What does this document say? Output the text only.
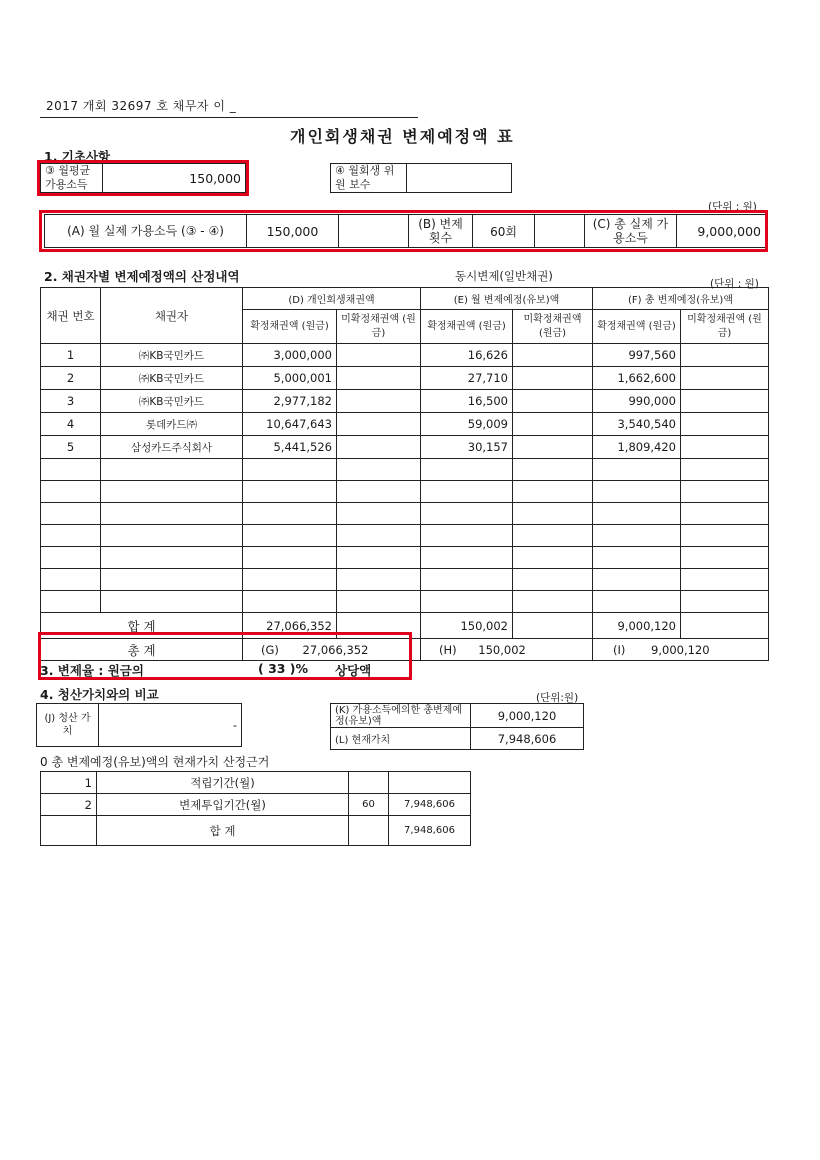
2017 개회 32697 호 채무자 이 _
개인회생채권 변제예정액 표
1. 기초사항
③ 월평균 가용소득	150,000	④ 월회생 위원 보수	
(단위 : 원)
(A) 월 실제 가용소득 (③ - ④)	150,000		(B) 변제 횟수	60회		(C) 총 실제 가용소득	9,000,000
2. 채권자별 변제예정액의 산정내역	동시변제(일반채권)
(단위 : 원)
채권 번호	채권자	(D) 개인회생채권액		(E) 월 변제예정(유보)액		(F) 총 변제예정(유보)액	
		확정채권액 (원금)	미확정채권액 (원금)	확정채권액 (원금)	미확정채권액 (원금)	확정채권액 (원금)	미확정채권액 (원금)
1	㈜KB국민카드	3,000,000		16,626		997,560	
2	㈜KB국민카드	5,000,001		27,710		1,662,600	
3	㈜KB국민카드	2,977,182		16,500		990,000	
4	롯데카드㈜	10,647,643		59,009		3,540,540	
5	삼성카드주식회사	5,441,526		30,157		1,809,420	

합 계		27,066,352		150,002		9,000,120	
총 계		(G) 27,066,352		(H) 150,002		(I) 9,000,120	
3. 변제율 : 원금의	( 33 )% 상당액
4. 청산가치와의 비교	(단위:원)
(J) 청산 가치	-
(K) 가용소득에의한 총변제예정(유보)액	9,000,120
(L) 현재가치	7,948,606
0 총 변제예정(유보)액의 현재가치 산정근거
1	적립기간(월)		
2	변제투입기간(월)	60	7,948,606
	합 계		7,948,606
